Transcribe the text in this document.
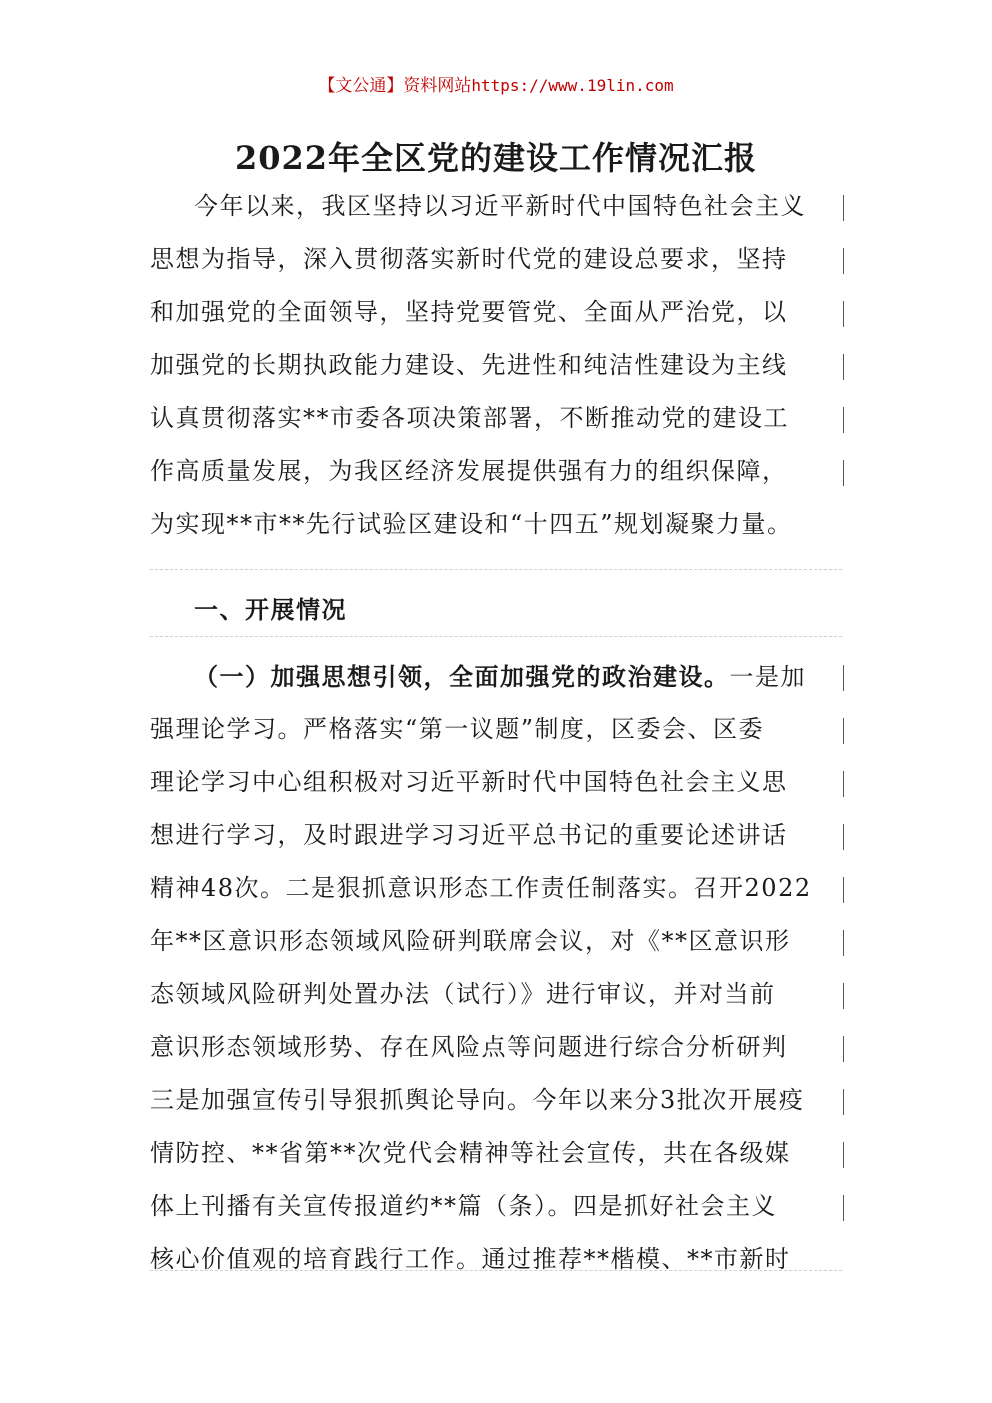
【文公通】资料网站https://www.19lin.com
2022年全区党的建设工作情况汇报
今年以来，我区坚持以习近平新时代中国特色社会主义
思想为指导，深入贯彻落实新时代党的建设总要求，坚持
和加强党的全面领导，坚持党要管党、全面从严治党，以
加强党的长期执政能力建设、先进性和纯洁性建设为主线
认真贯彻落实**市委各项决策部署，不断推动党的建设工
作高质量发展，为我区经济发展提供强有力的组织保障，
为实现**市**先行试验区建设和“十四五”规划凝聚力量。
一、开展情况
（一）加强思想引领，全面加强党的政治建设。一是加
强理论学习。严格落实“第一议题”制度，区委会、区委
理论学习中心组积极对习近平新时代中国特色社会主义思
想进行学习，及时跟进学习习近平总书记的重要论述讲话
精神48次。二是狠抓意识形态工作责任制落实。召开2022
年**区意识形态领域风险研判联席会议，对《**区意识形
态领域风险研判处置办法（试行）》进行审议，并对当前
意识形态领域形势、存在风险点等问题进行综合分析研判
三是加强宣传引导狠抓舆论导向。今年以来分3批次开展疫
情防控、**省第**次党代会精神等社会宣传，共在各级媒
体上刊播有关宣传报道约**篇（条）。四是抓好社会主义
核心价值观的培育践行工作。通过推荐**楷模、**市新时
